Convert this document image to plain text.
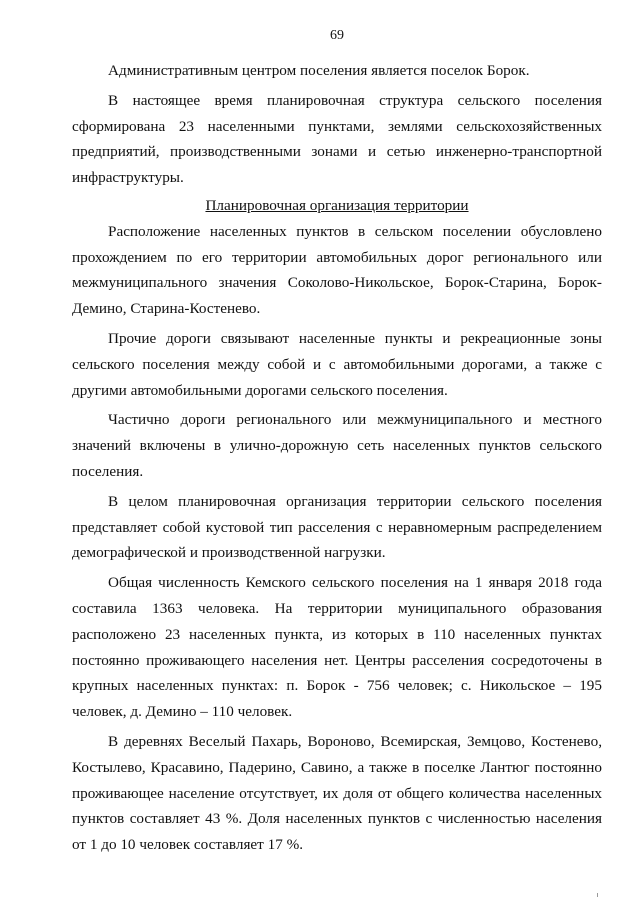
69

Административным центром поселения является поселок Борок.

В настоящее время планировочная структура сельского поселения сформирована 23 населенными пунктами, землями сельскохозяйственных предприятий, производственными зонами и сетью инженерно-транспортной инфраструктуры.

Планировочная организация территории

Расположение населенных пунктов в сельском поселении обусловлено прохождением по его территории автомобильных дорог регионального или межмуниципального значения Соколово-Никольское, Борок-Старина, Борок-Демино, Старина-Костенево.

Прочие дороги связывают населенные пункты и рекреационные зоны сельского поселения между собой и с автомобильными дорогами, а также с другими автомобильными дорогами сельского поселения.

Частично дороги регионального или межмуниципального и местного значений включены в улично-дорожную сеть населенных пунктов сельского поселения.

В целом планировочная организация территории сельского поселения представляет собой кустовой тип расселения с неравномерным распределением демографической и производственной нагрузки.

Общая численность Кемского сельского поселения на 1 января 2018 года составила 1363 человека. На территории муниципального образования расположено 23 населенных пункта, из которых в 110 населенных пунктах постоянно проживающего населения нет. Центры расселения сосредоточены в крупных населенных пунктах: п. Борок - 756 человек; с. Никольское – 195 человек, д. Демино – 110 человек.

В деревнях Веселый Пахарь, Вороново, Всемирская, Земцово, Костеневo, Костылево, Красавино, Падерино, Савино, а также в поселке Лантюг постоянно проживающее население отсутствует, их доля от общего количества населенных пунктов составляет 43 %. Доля населенных пунктов с численностью населения от 1 до 10 человек составляет 17 %.
